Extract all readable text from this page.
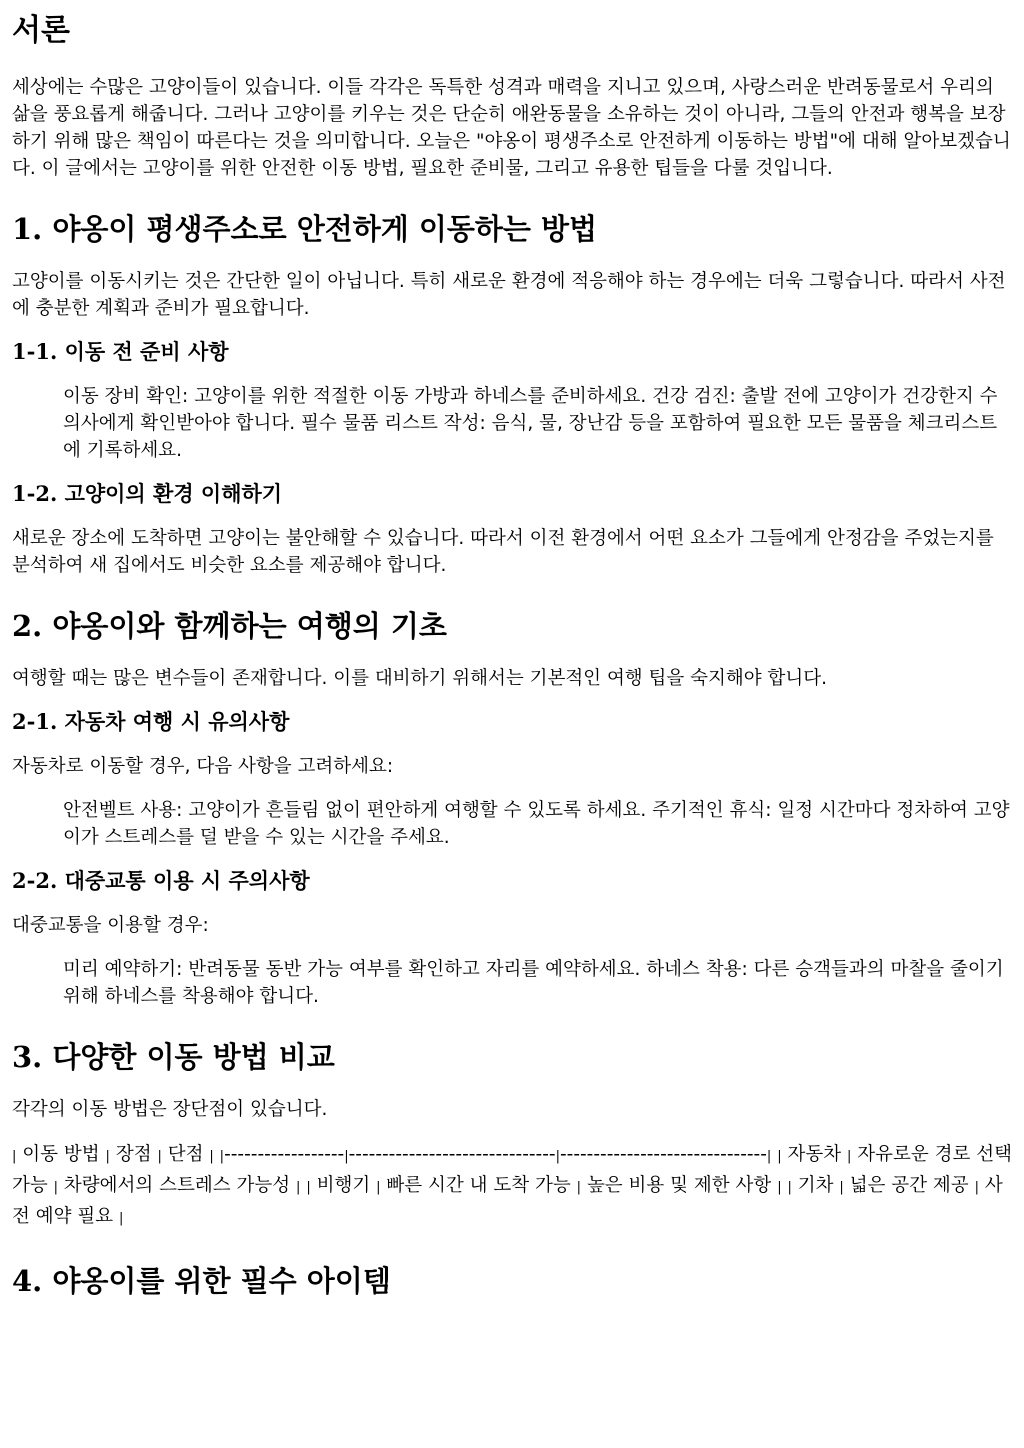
서론

세상에는 수많은 고양이들이 있습니다. 이들 각각은 독특한 성격과 매력을 지니고 있으며, 사랑스러운 반려동물로서 우리의 삶을 풍요롭게 해줍니다. 그러나 고양이를 키우는 것은 단순히 애완동물을 소유하는 것이 아니라, 그들의 안전과 행복을 보장하기 위해 많은 책임이 따른다는 것을 의미합니다. 오늘은 "야옹이 평생주소로 안전하게 이동하는 방법"에 대해 알아보겠습니다. 이 글에서는 고양이를 위한 안전한 이동 방법, 필요한 준비물, 그리고 유용한 팁들을 다룰 것입니다.

1. 야옹이 평생주소로 안전하게 이동하는 방법

고양이를 이동시키는 것은 간단한 일이 아닙니다. 특히 새로운 환경에 적응해야 하는 경우에는 더욱 그렇습니다. 따라서 사전에 충분한 계획과 준비가 필요합니다.

1-1. 이동 전 준비 사항
이동 장비 확인: 고양이를 위한 적절한 이동 가방과 하네스를 준비하세요. 건강 검진: 출발 전에 고양이가 건강한지 수의사에게 확인받아야 합니다. 필수 물품 리스트 작성: 음식, 물, 장난감 등을 포함하여 필요한 모든 물품을 체크리스트에 기록하세요.
1-2. 고양이의 환경 이해하기

새로운 장소에 도착하면 고양이는 불안해할 수 있습니다. 따라서 이전 환경에서 어떤 요소가 그들에게 안정감을 주었는지를 분석하여 새 집에서도 비슷한 요소를 제공해야 합니다.

2. 야옹이와 함께하는 여행의 기초

여행할 때는 많은 변수들이 존재합니다. 이를 대비하기 위해서는 기본적인 여행 팁을 숙지해야 합니다.

2-1. 자동차 여행 시 유의사항

자동차로 이동할 경우, 다음 사항을 고려하세요:

안전벨트 사용: 고양이가 흔들림 없이 편안하게 여행할 수 있도록 하세요. 주기적인 휴식: 일정 시간마다 정차하여 고양이가 스트레스를 덜 받을 수 있는 시간을 주세요.
2-2. 대중교통 이용 시 주의사항

대중교통을 이용할 경우:

미리 예약하기: 반려동물 동반 가능 여부를 확인하고 자리를 예약하세요. 하네스 착용: 다른 승객들과의 마찰을 줄이기 위해 하네스를 착용해야 합니다.
3. 다양한 이동 방법 비교

각각의 이동 방법은 장단점이 있습니다.

| 이동 방법 | 장점 | 단점 | |------------------|-------------------------------|-------------------------------| | 자동차 | 자유로운 경로 선택 가능 | 차량에서의 스트레스 가능성 | | 비행기 | 빠른 시간 내 도착 가능 | 높은 비용 및 제한 사항 | | 기차 | 넓은 공간 제공 | 사전 예약 필요 |

4. 야옹이를 위한 필수 아이템
